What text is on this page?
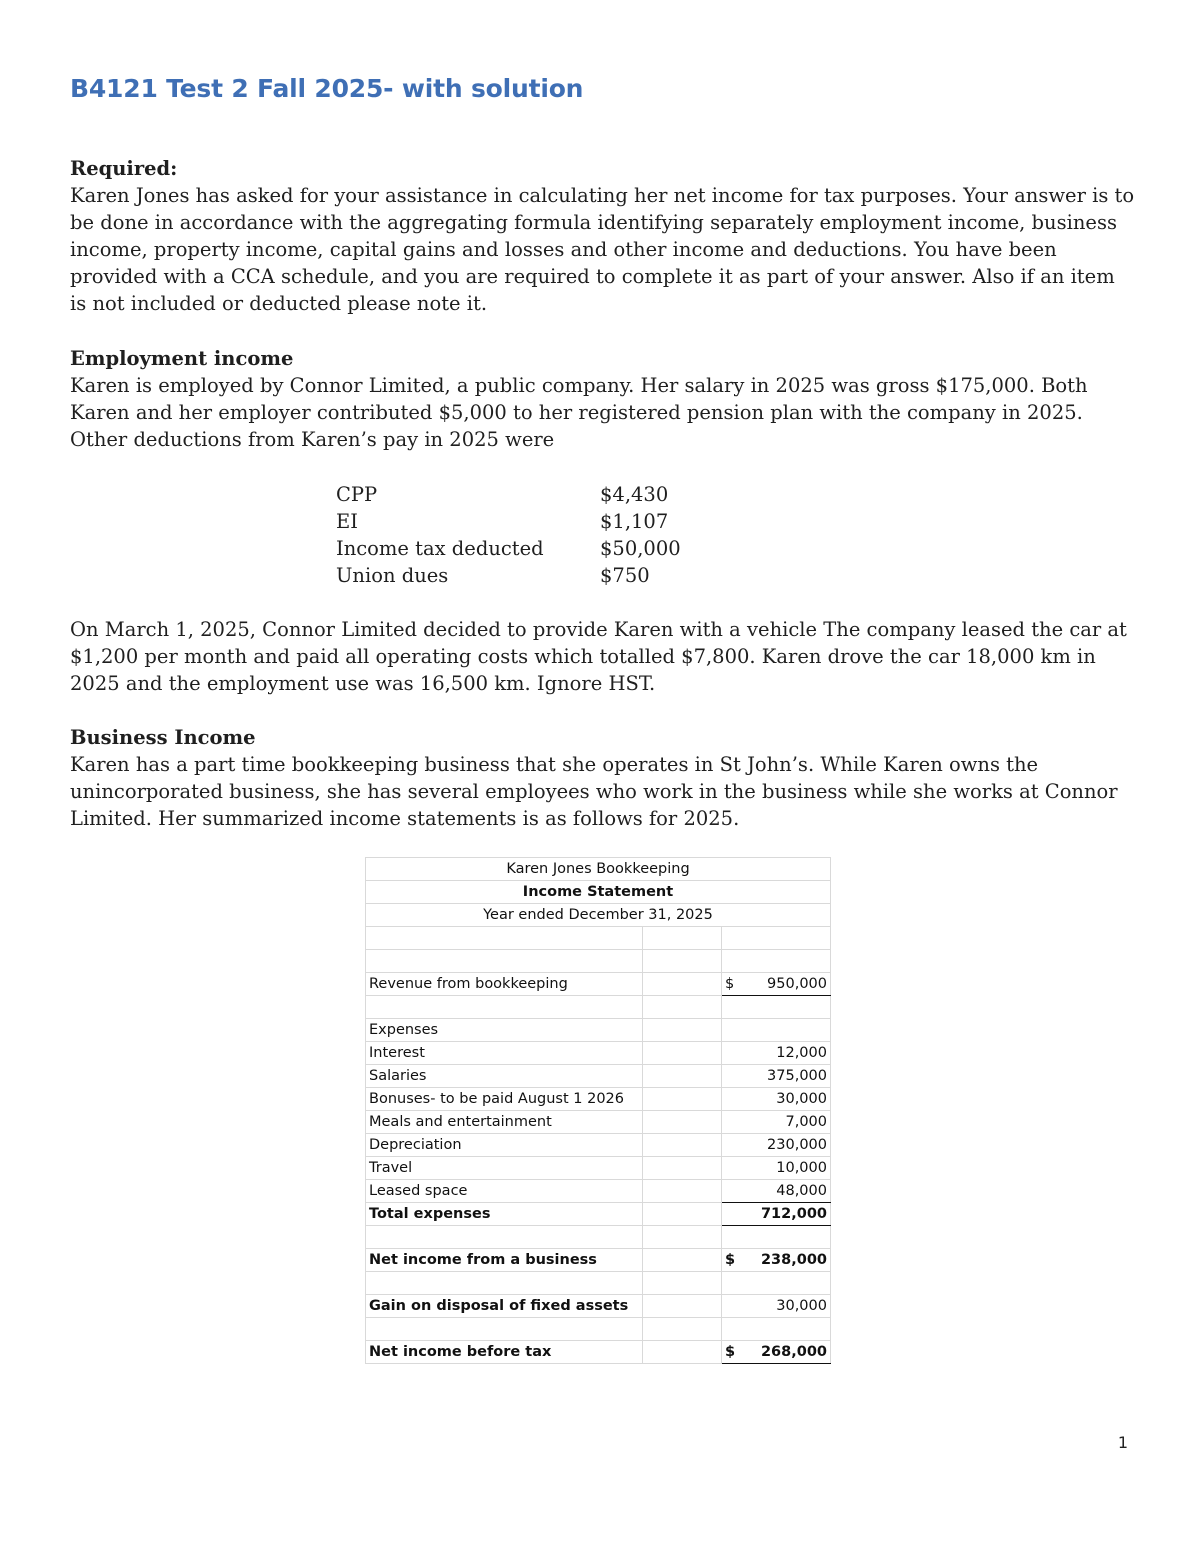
B4121 Test 2 Fall 2025- with solution

Required:

Karen Jones has asked for your assistance in calculating her net income for tax purposes. Your answer is to be done in accordance with the aggregating formula identifying separately employment income, business income, property income, capital gains and losses and other income and deductions. You have been provided with a CCA schedule, and you are required to complete it as part of your answer. Also if an item is not included or deducted please note it.

Employment income

Karen is employed by Connor Limited, a public company. Her salary in 2025 was gross $175,000. Both Karen and her employer contributed $5,000 to her registered pension plan with the company in 2025. Other deductions from Karen’s pay in 2025 were

CPP	$4,430
EI	$1,107
Income tax deducted	$50,000
Union dues	$750

On March 1, 2025, Connor Limited decided to provide Karen with a vehicle The company leased the car at $1,200 per month and paid all operating costs which totalled $7,800. Karen drove the car 18,000 km in 2025 and the employment use was 16,500 km. Ignore HST.

Business Income

Karen has a part time bookkeeping business that she operates in St John’s. While Karen owns the unincorporated business, she has several employees who work in the business while she works at Connor Limited. Her summarized income statements is as follows for 2025.

Karen Jones Bookkeeping		
Income Statement		
Year ended December 31, 2025		

Revenue from bookkeeping		$ 950,000

Expenses		
Interest		12,000
Salaries		375,000
Bonuses- to be paid August 1 2026		30,000
Meals and entertainment		7,000
Depreciation		230,000
Travel		10,000
Leased space		48,000
Total expenses		712,000

Net income from a business		$ 238,000

Gain on disposal of fixed assets		30,000

Net income before tax		$ 268,000
1
